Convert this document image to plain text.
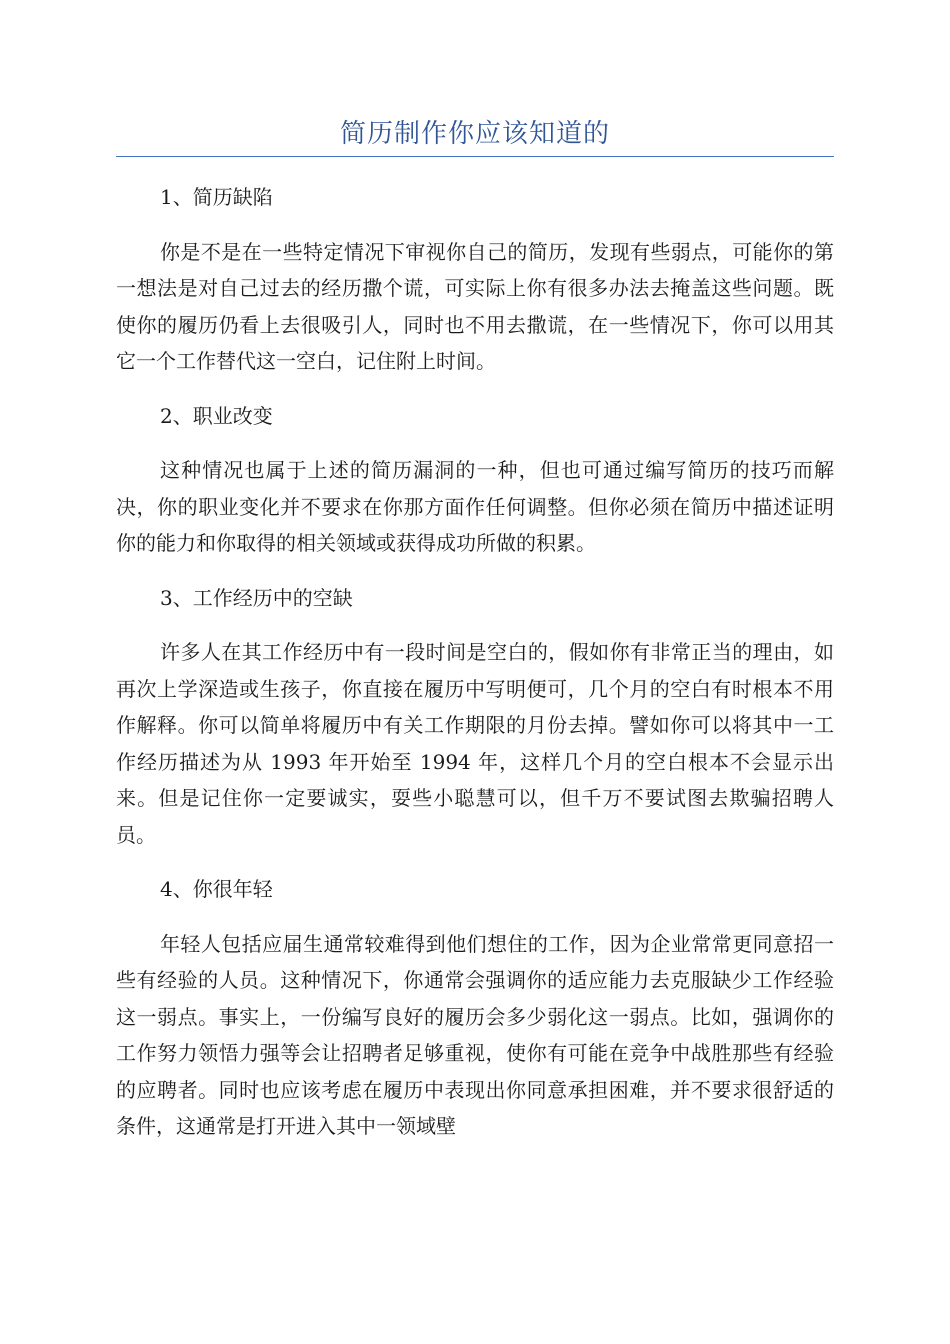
简历制作你应该知道的

1、简历缺陷

你是不是在一些特定情况下审视你自己的简历，发现有些弱点，可能你的第一想法是对自己过去的经历撒个谎，可实际上你有很多办法去掩盖这些问题。既使你的履历仍看上去很吸引人，同时也不用去撒谎，在一些情况下，你可以用其它一个工作替代这一空白，记住附上时间。

2、职业改变

这种情况也属于上述的简历漏洞的一种，但也可通过编写简历的技巧而解决，你的职业变化并不要求在你那方面作任何调整。但你必须在简历中描述证明你的能力和你取得的相关领域或获得成功所做的积累。

3、工作经历中的空缺

许多人在其工作经历中有一段时间是空白的，假如你有非常正当的理由，如再次上学深造或生孩子，你直接在履历中写明便可，几个月的空白有时根本不用作解释。你可以简单将履历中有关工作期限的月份去掉。譬如你可以将其中一工作经历描述为从 1993 年开始至 1994 年，这样几个月的空白根本不会显示出来。但是记住你一定要诚实，耍些小聪慧可以，但千万不要试图去欺骗招聘人员。

4、你很年轻

年轻人包括应届生通常较难得到他们想住的工作，因为企业常常更同意招一些有经验的人员。这种情况下，你通常会强调你的适应能力去克服缺少工作经验这一弱点。事实上，一份编写良好的履历会多少弱化这一弱点。比如，强调你的工作努力领悟力强等会让招聘者足够重视，使你有可能在竞争中战胜那些有经验的应聘者。同时也应该考虑在履历中表现出你同意承担困难，并不要求很舒适的条件，这通常是打开进入其中一领域壁
